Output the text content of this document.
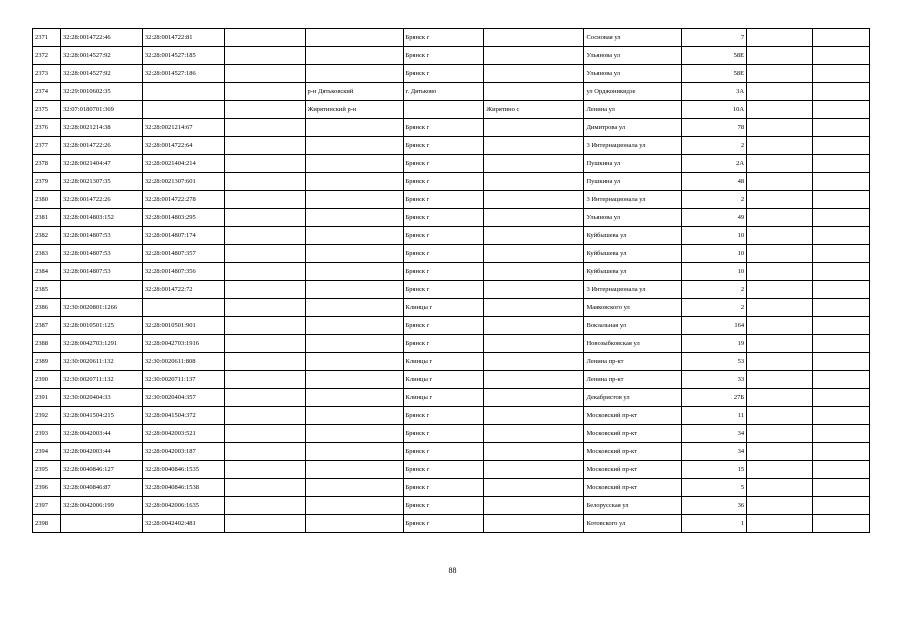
2371	32:28:0014722:46	32:28:0014722:81			Брянск г		Сосновая ул	7		
2372	32:28:0014527:92	32:28:0014527:185			Брянск г		Ульянова ул	58Е		
2373	32:28:0014527:92	32:28:0014527:186			Брянск г		Ульянова ул	58Е		
2374	32:29:0010602:35			р-н Дятьковский	г. Дятьково		ул Орджоникидзе	3А		
2375	32:07:0180701:369			Жирятинский р-н		Жирятино с	Ленина ул	10А		
2376	32:28:0021214:38	32:28:0021214:67			Брянск г		Димитрова ул	78		
2377	32:28:0014722:26	32:28:0014722:64			Брянск г		3 Интернационала ул	2		
2378	32:28:0021404:47	32:28:0021404:214			Брянск г		Пушкина ул	2А		
2379	32:28:0021307:35	32:28:0021307:601			Брянск г		Пушкина ул	48		
2380	32:28:0014722:26	32:28:0014722:278			Брянск г		3 Интернационала ул	2		
2381	32:28:0014803:152	32:28:0014803:295			Брянск г		Ульянова ул	49		
2382	32:28:0014807:53	32:28:0014807:174			Брянск г		Куйбышева ул	10		
2383	32:28:0014807:53	32:28:0014807:357			Брянск г		Куйбышева ул	10		
2384	32:28:0014807:53	32:28:0014807:356			Брянск г		Куйбышева ул	10		
2385		32:28:0014722:72			Брянск г		3 Интернационала ул	2		
2386	32:30:0020801:1266				Клинцы г		Маяковского ул	2		
2387	32:28:0010501:125	32:28:0010501:901			Брянск г		Вокзальная ул	164		
2388	32:28:0042703:1291	32:28:0042703:1916			Брянск г		Новозыбковская ул	19		
2389	32:30:0020611:132	32:30:0020611:808			Клинцы г		Ленина пр-кт	53		
2390	32:30:0020711:132	32:30:0020711:137			Клинцы г		Ленина пр-кт	33		
2391	32:30:0020404:33	32:30:0020404:357			Клинцы г		Декабристов ул	27Б		
2392	32:28:0041504:215	32:28:0041504:372			Брянск г		Московский пр-кт	11		
2393	32:28:0042003:44	32:28:0042003:521			Брянск г		Московский пр-кт	34		
2394	32:28:0042003:44	32:28:0042003:187			Брянск г		Московский пр-кт	34		
2395	32:28:0040846:127	32:28:0040846:1535			Брянск г		Московский пр-кт	15		
2396	32:28:0040846:87	32:28:0040846:1538			Брянск г		Московский пр-кт	5		
2397	32:28:0042006:199	32:28:0042006:1635			Брянск г		Белорусская ул	36		
2398		32:28:0042402:481			Брянск г		Котовского ул	1		
88
